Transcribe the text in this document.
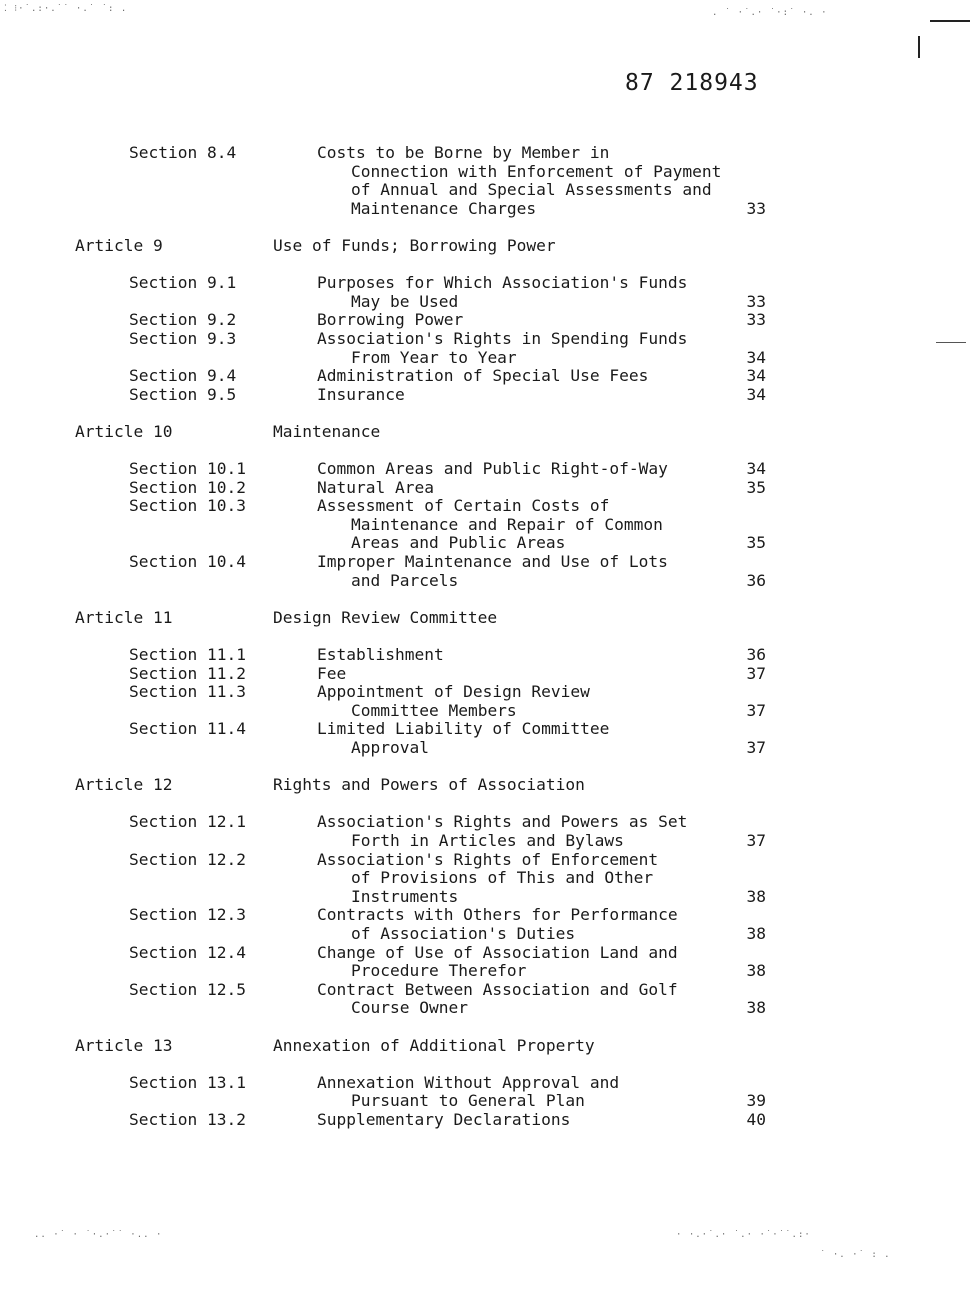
⁚ ⁝·˙.:·.˙˙ ·.˙ ˙: .	. ˙ ·˙.· ˙·:˙ ·. ·
.. ·˙ · ˙·.·˙˙ ·.. ·	· ·.·˙.· ˙.· ·˙·˙˙.:·
˙ ·. ·˙ : .
87 218943
Section 8.4	Costs to be Borne by Member in
Connection with Enforcement of Payment
of Annual and Special Assessments and
Maintenance Charges	33
Article 9	Use of Funds; Borrowing Power
Section 9.1	Purposes for Which Association's Funds
May be Used	33
Section 9.2	Borrowing Power	33
Section 9.3	Association's Rights in Spending Funds
From Year to Year	34
Section 9.4	Administration of Special Use Fees	34
Section 9.5	Insurance	34
Article 10	Maintenance
Section 10.1	Common Areas and Public Right-of-Way	34
Section 10.2	Natural Area	35
Section 10.3	Assessment of Certain Costs of
Maintenance and Repair of Common
Areas and Public Areas	35
Section 10.4	Improper Maintenance and Use of Lots
and Parcels	36
Article 11	Design Review Committee
Section 11.1	Establishment	36
Section 11.2	Fee	37
Section 11.3	Appointment of Design Review
Committee Members	37
Section 11.4	Limited Liability of Committee
Approval	37
Article 12	Rights and Powers of Association
Section 12.1	Association's Rights and Powers as Set
Forth in Articles and Bylaws	37
Section 12.2	Association's Rights of Enforcement
of Provisions of This and Other
Instruments	38
Section 12.3	Contracts with Others for Performance
of Association's Duties	38
Section 12.4	Change of Use of Association Land and
Procedure Therefor	38
Section 12.5	Contract Between Association and Golf
Course Owner	38
Article 13	Annexation of Additional Property
Section 13.1	Annexation Without Approval and
Pursuant to General Plan	39
Section 13.2	Supplementary Declarations	40
